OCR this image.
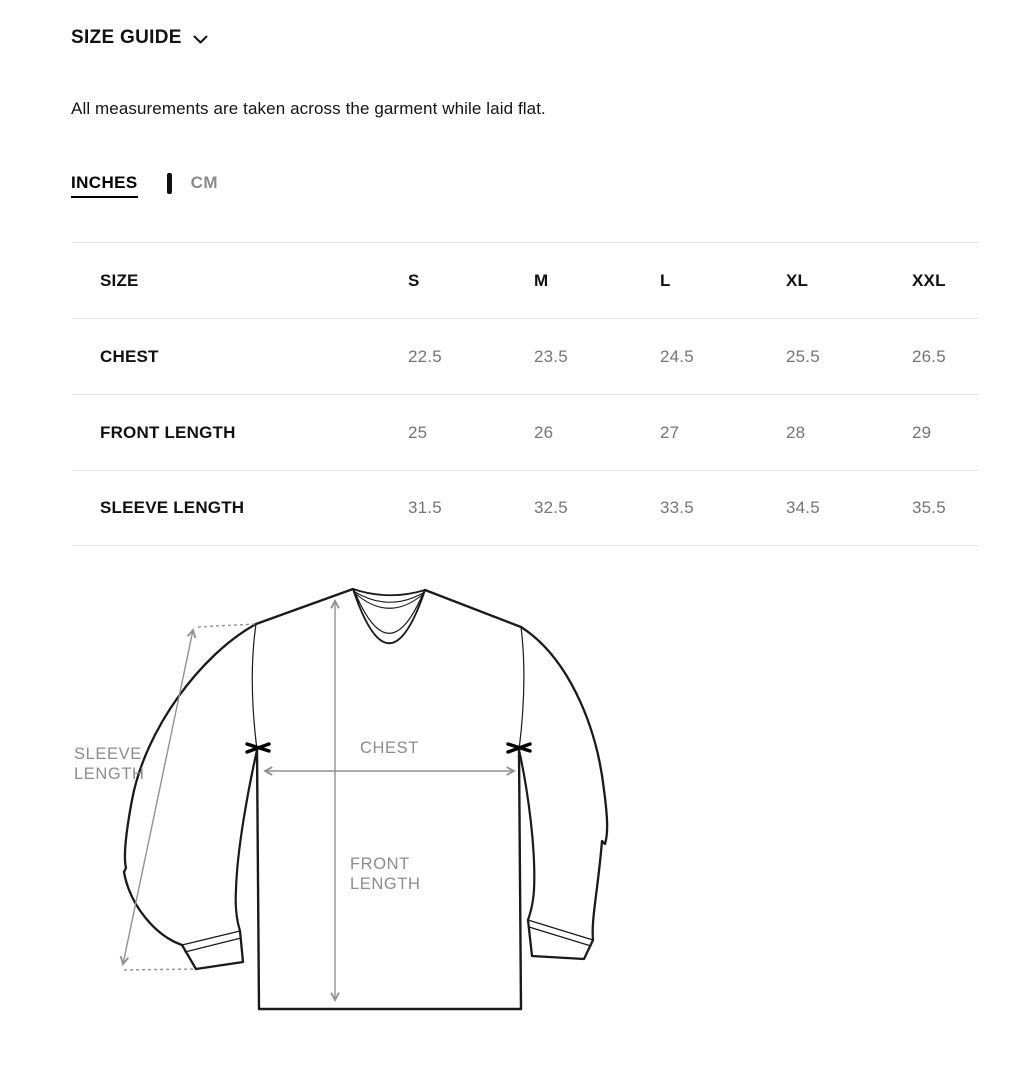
SIZE GUIDE
All measurements are taken across the garment while laid flat.
INCHES	CM
SIZE	S	M	L	XL	XXL
CHEST	22.5	23.5	24.5	25.5	26.5
FRONT LENGTH	25	26	27	28	29
SLEEVE LENGTH	31.5	32.5	33.5	34.5	35.5
SLEEVE
LENGTH
CHEST
FRONT
LENGTH
